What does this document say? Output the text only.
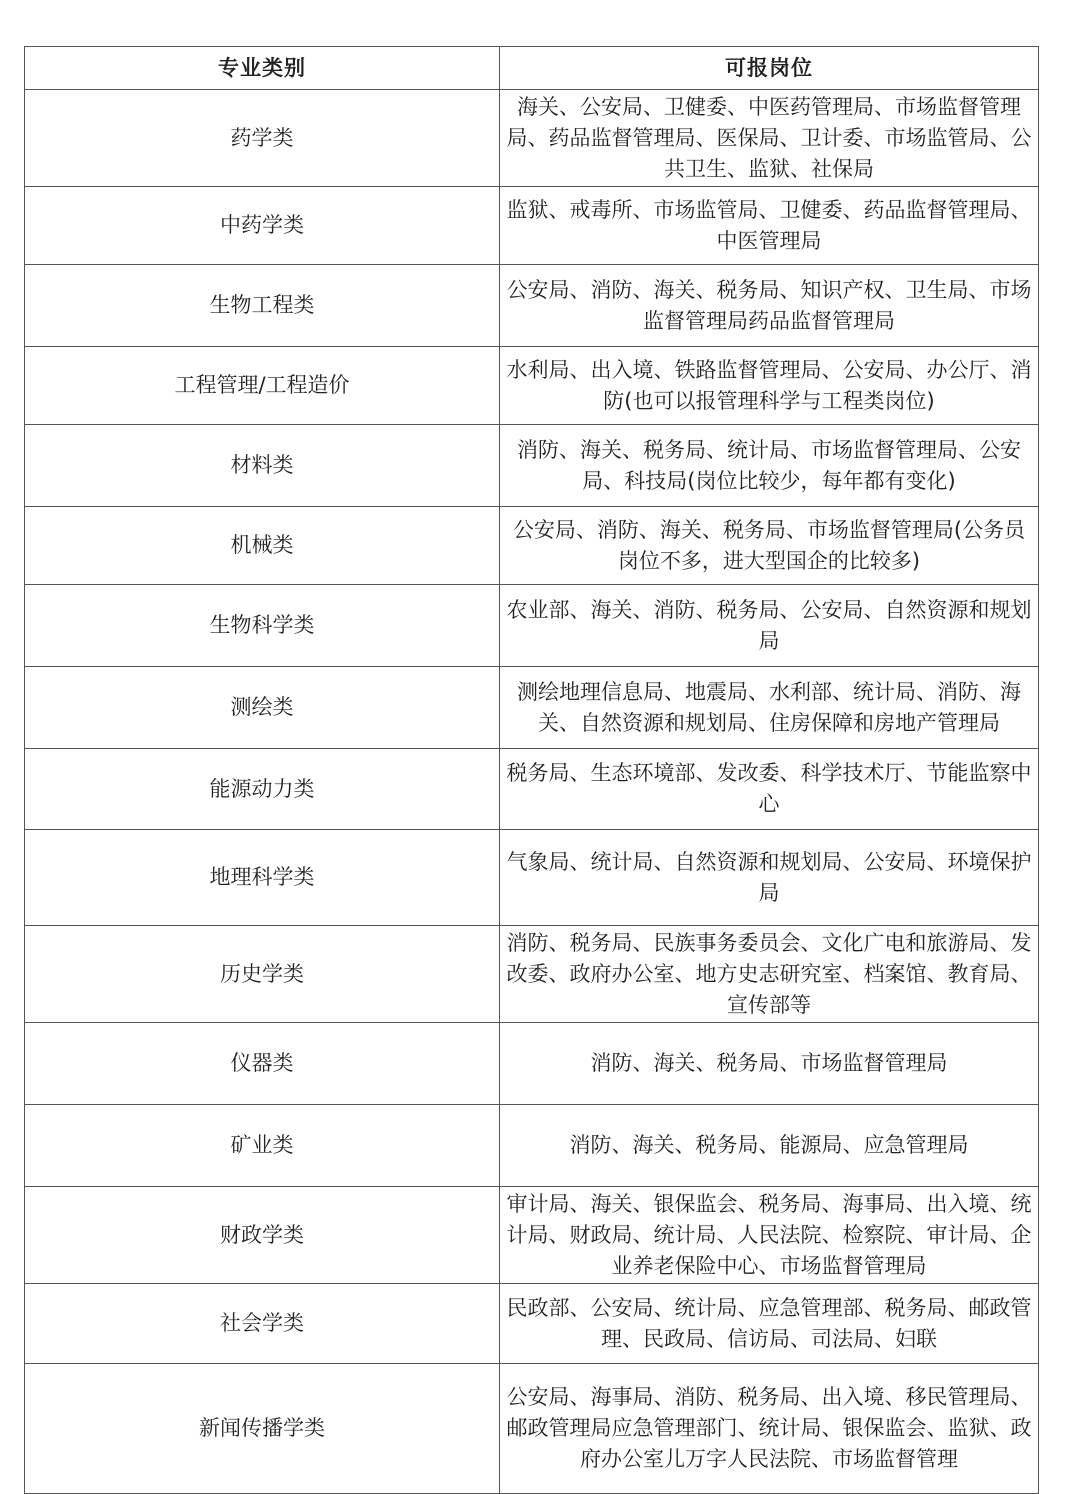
专业类别	可报岗位
药学类	海关、公安局、卫健委、中医药管理局、市场监督管理局、药品监督管理局、医保局、卫计委、市场监管局、公共卫生、监狱、社保局
中药学类	监狱、戒毒所、市场监管局、卫健委、药品监督管理局、中医管理局
生物工程类	公安局、消防、海关、税务局、知识产权、卫生局、市场监督管理局药品监督管理局
工程管理/工程造价	水利局、出入境、铁路监督管理局、公安局、办公厅、消防(也可以报管理科学与工程类岗位)
材料类	消防、海关、税务局、统计局、市场监督管理局、公安局、科技局(岗位比较少，每年都有变化)
机械类	公安局、消防、海关、税务局、市场监督管理局(公务员岗位不多，进大型国企的比较多)
生物科学类	农业部、海关、消防、税务局、公安局、自然资源和规划局
测绘类	测绘地理信息局、地震局、水利部、统计局、消防、海关、自然资源和规划局、住房保障和房地产管理局
能源动力类	税务局、生态环境部、发改委、科学技术厅、节能监察中心
地理科学类	气象局、统计局、自然资源和规划局、公安局、环境保护局
历史学类	消防、税务局、民族事务委员会、文化广电和旅游局、发改委、政府办公室、地方史志研究室、档案馆、教育局、宣传部等
仪器类	消防、海关、税务局、市场监督管理局
矿业类	消防、海关、税务局、能源局、应急管理局
财政学类	审计局、海关、银保监会、税务局、海事局、出入境、统计局、财政局、统计局、人民法院、检察院、审计局、企业养老保险中心、市场监督管理局
社会学类	民政部、公安局、统计局、应急管理部、税务局、邮政管理、民政局、信访局、司法局、妇联
新闻传播学类	公安局、海事局、消防、税务局、出入境、移民管理局、邮政管理局应急管理部门、统计局、银保监会、监狱、政府办公室儿万字人民法院、市场监督管理
